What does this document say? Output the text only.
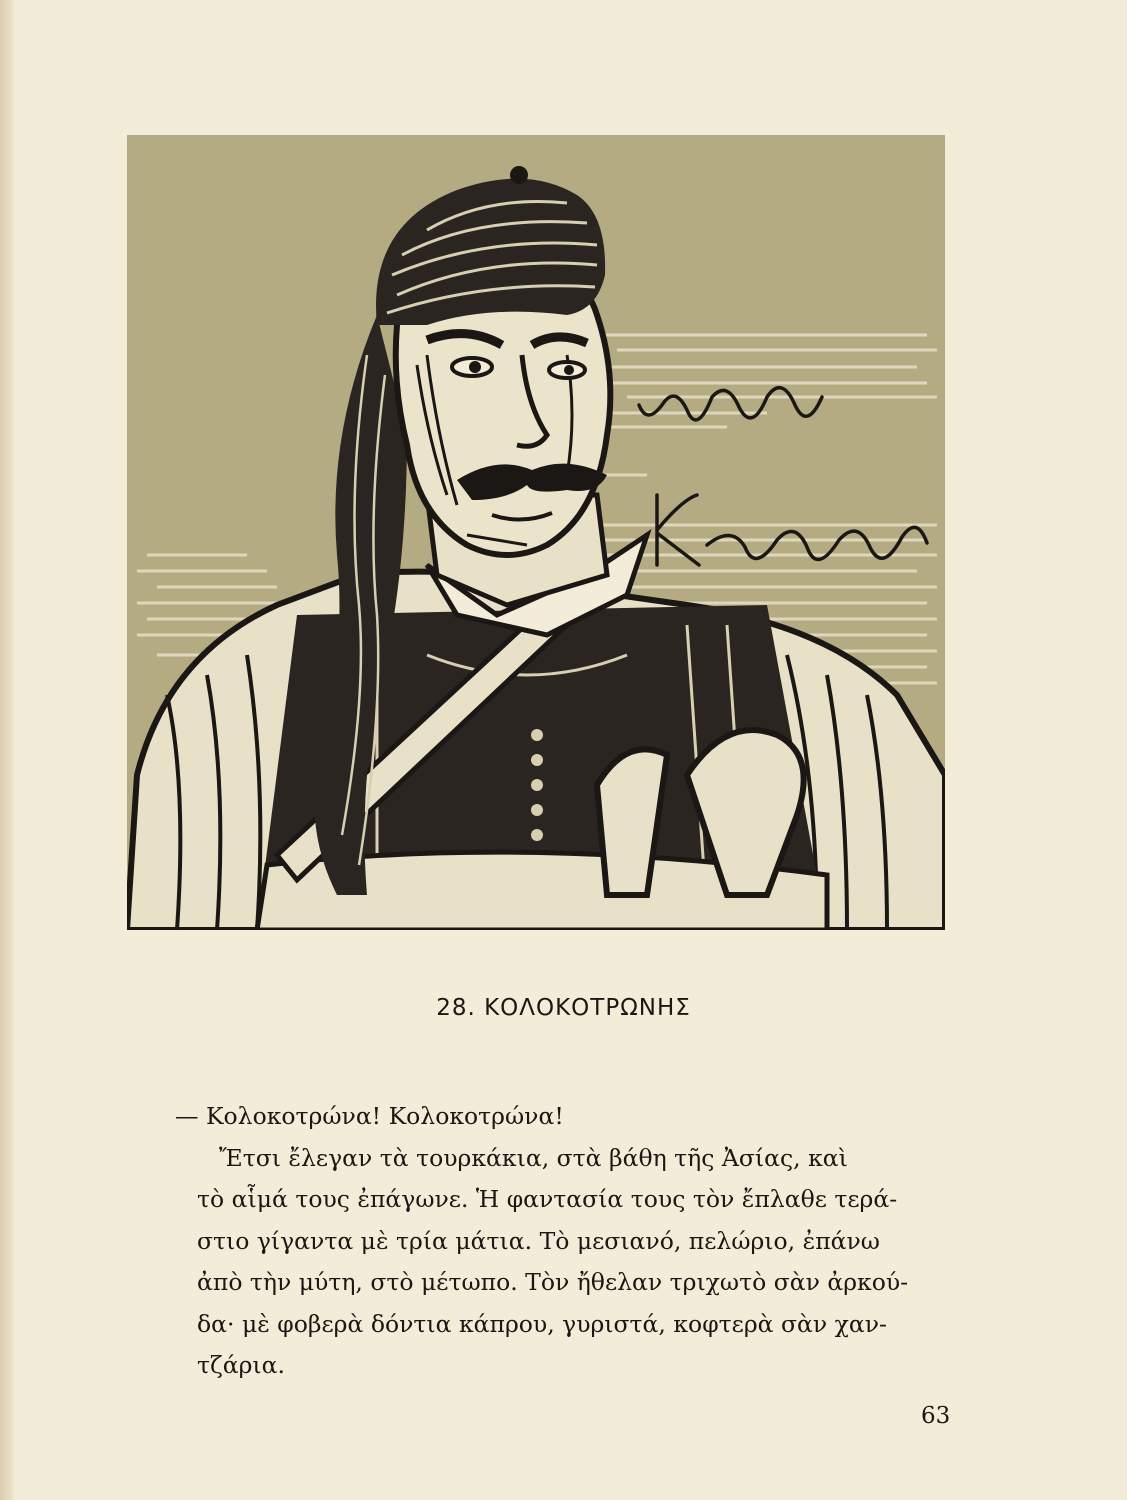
28. ΚΟΛΟΚΟΤΡΩΝΗΣ

— Κολοκοτρώνα! Κολοκοτρώνα!

Ἔτσι ἔλεγαν τὰ τουρκάκια, στὰ βάθη τῆς Ἀσίας, καὶ
τὸ αἷμά τους ἐπάγωνε. Ἡ φαντασία τους τὸν ἔπλαθε τερά-
στιο γίγαντα μὲ τρία μάτια. Τὸ μεσιανό, πελώριο, ἐπάνω
ἀπὸ τὴν μύτη, στὸ μέτωπο. Τὸν ἤθελαν τριχωτὸ σὰν ἀρκού-
δα· μὲ φοβερὰ δόντια κάπρου, γυριστά, κοφτερὰ σὰν χαν-
τζάρια.

63
